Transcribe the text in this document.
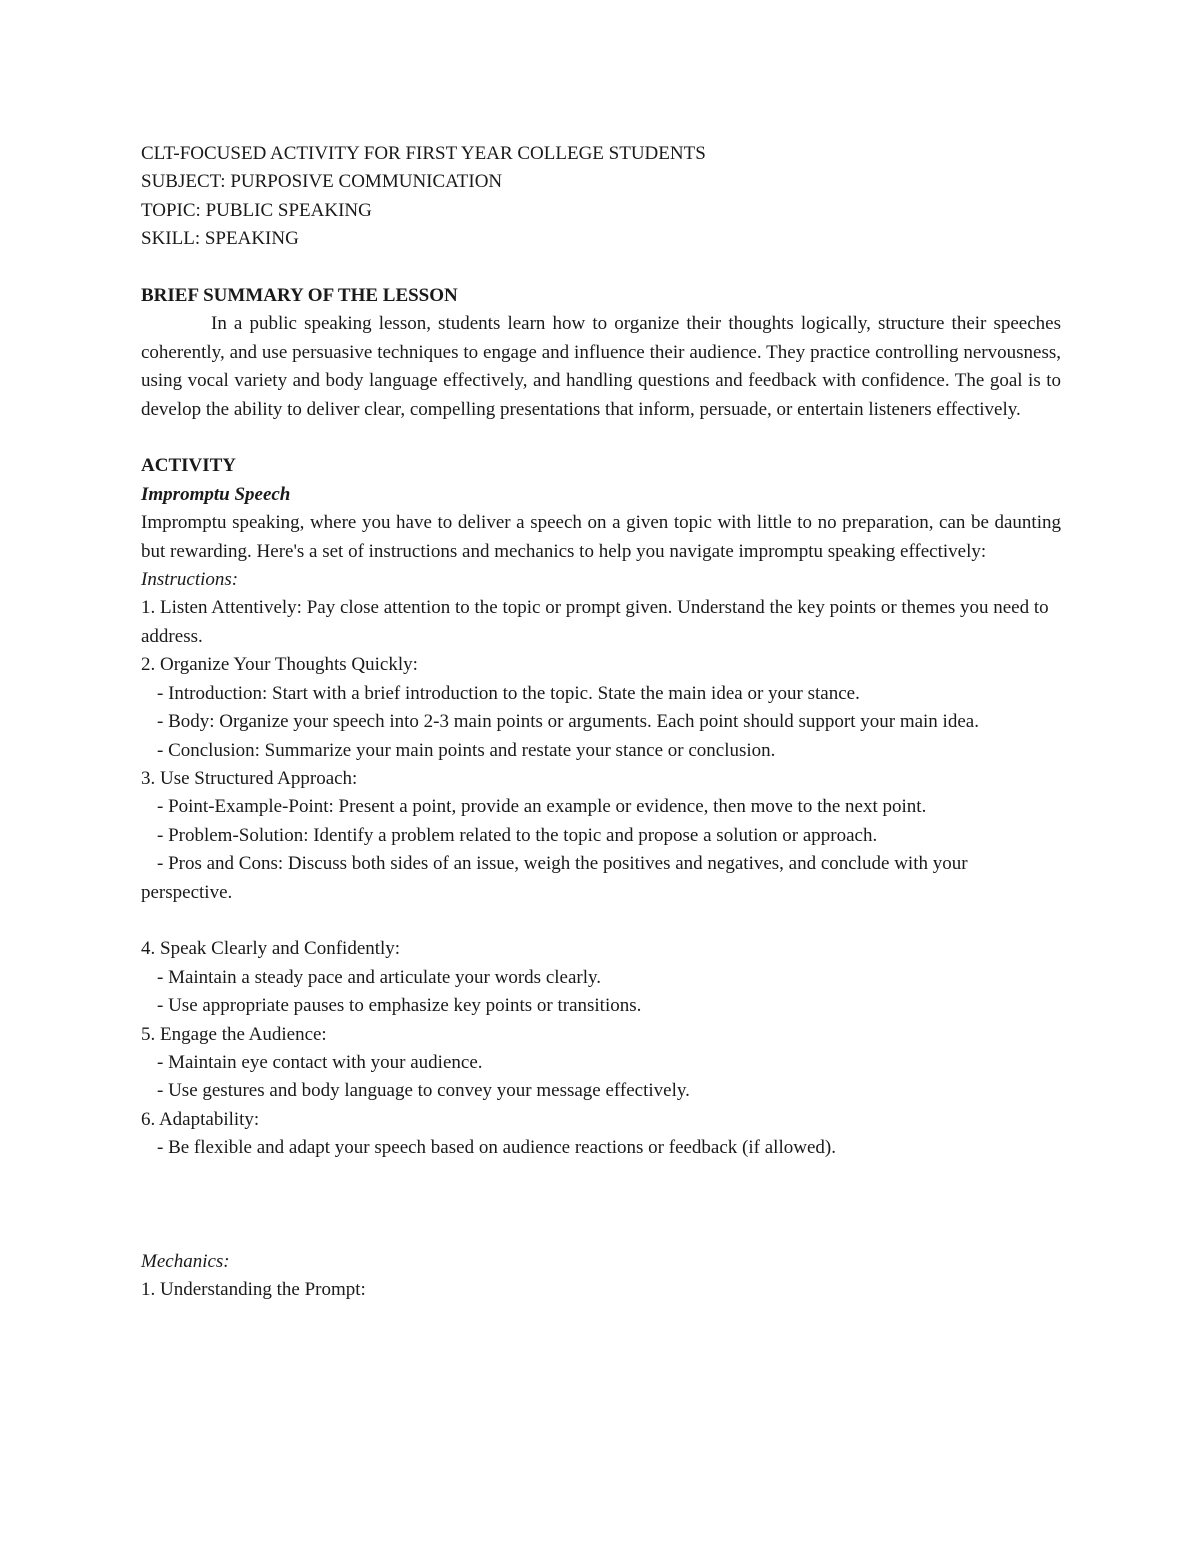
CLT-FOCUSED ACTIVITY FOR FIRST YEAR COLLEGE STUDENTS
SUBJECT: PURPOSIVE COMMUNICATION
TOPIC: PUBLIC SPEAKING
SKILL: SPEAKING
BRIEF SUMMARY OF THE LESSON

In a public speaking lesson, students learn how to organize their thoughts logically, structure their speeches coherently, and use persuasive techniques to engage and influence their audience. They practice controlling nervousness, using vocal variety and body language effectively, and handling questions and feedback with confidence. The goal is to develop the ability to deliver clear, compelling presentations that inform, persuade, or entertain listeners effectively.

ACTIVITY
Impromptu Speech

Impromptu speaking, where you have to deliver a speech on a given topic with little to no preparation, can be daunting but rewarding. Here's a set of instructions and mechanics to help you navigate impromptu speaking effectively:

Instructions:

1. Listen Attentively: Pay close attention to the topic or prompt given. Understand the key points or themes you need to address.

2. Organize Your Thoughts Quickly:
- Introduction: Start with a brief introduction to the topic. State the main idea or your stance.

- Body: Organize your speech into 2-3 main points or arguments. Each point should support your main idea.

- Conclusion: Summarize your main points and restate your stance or conclusion.
3. Use Structured Approach:
- Point-Example-Point: Present a point, provide an example or evidence, then move to the next point.
- Problem-Solution: Identify a problem related to the topic and propose a solution or approach.

- Pros and Cons: Discuss both sides of an issue, weigh the positives and negatives, and conclude with your perspective.

4. Speak Clearly and Confidently:
- Maintain a steady pace and articulate your words clearly.
- Use appropriate pauses to emphasize key points or transitions.
5. Engage the Audience:
- Maintain eye contact with your audience.
- Use gestures and body language to convey your message effectively.
6. Adaptability:
- Be flexible and adapt your speech based on audience reactions or feedback (if allowed).
Mechanics:
1. Understanding the Prompt:
